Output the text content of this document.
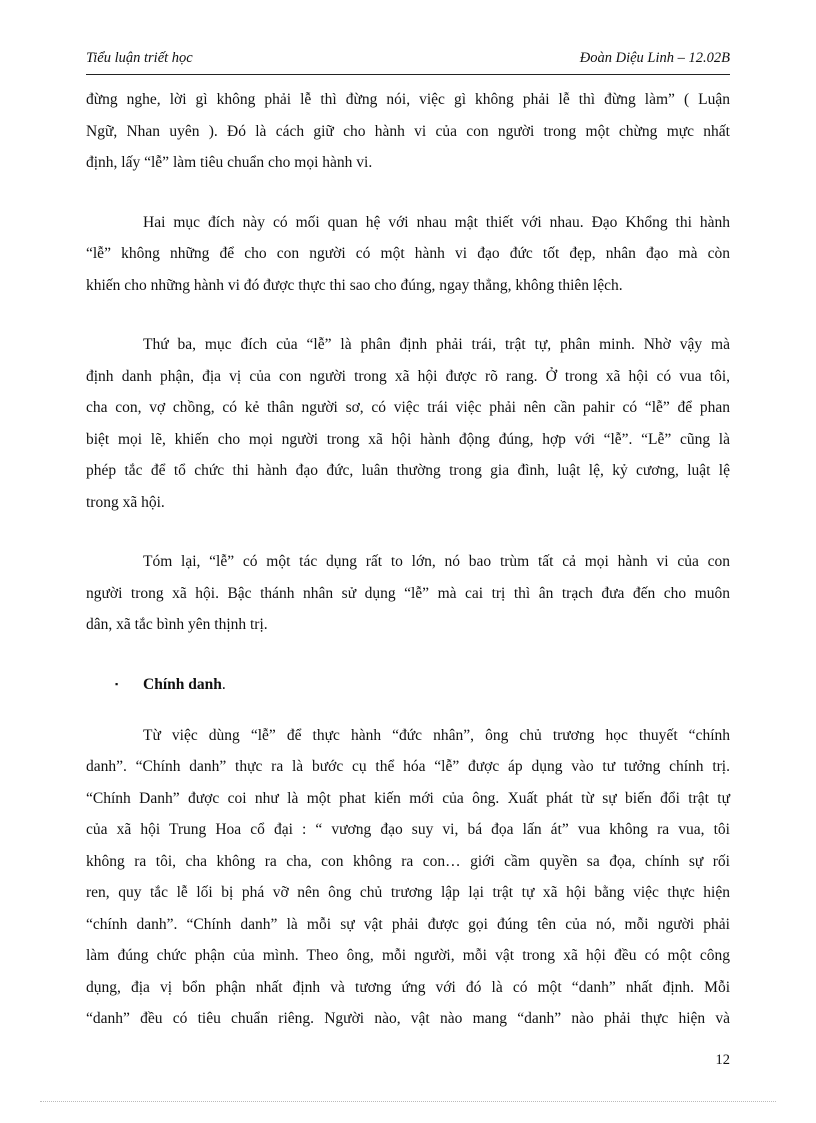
Tiểu luận triết học	Đoàn Diệu Linh – 12.02B

đừng nghe, lời gì không phải lễ thì đừng nói, việc gì không phải lễ thì đừng làm” ( Luận
Ngữ, Nhan uyên ). Đó là cách giữ cho hành vi của con người trong một chừng mực nhất
định, lấy “lễ” làm tiêu chuẩn cho mọi hành vi.

Hai mục đích này có mối quan hệ với nhau mật thiết với nhau. Đạo Khổng thi hành
“lễ” không những để cho con người có một hành vi đạo đức tốt đẹp, nhân đạo mà còn
khiến cho những hành vi đó được thực thi sao cho đúng, ngay thẳng, không thiên lệch.

Thứ ba, mục đích của “lễ” là phân định phải trái, trật tự, phân minh. Nhờ vậy mà
định danh phận, địa vị của con người trong xã hội được rõ rang. Ở trong xã hội có vua tôi,
cha con, vợ chồng, có kẻ thân người sơ, có việc trái việc phải nên cần pahir có “lễ” để phan
biệt mọi lẽ, khiến cho mọi người trong xã hội hành động đúng, hợp với “lễ”. “Lễ” cũng là
phép tắc để tổ chức thi hành đạo đức, luân thường trong gia đình, luật lệ, kỷ cương, luật lệ
trong xã hội.

Tóm lại, “lễ” có một tác dụng rất to lớn, nó bao trùm tất cả mọi hành vi của con
người trong xã hội. Bậc thánh nhân sử dụng “lễ” mà cai trị thì ân trạch đưa đến cho muôn
dân, xã tắc bình yên thịnh trị.

▪ Chính danh.

Từ việc dùng “lễ” để thực hành “đức nhân”, ông chủ trương học thuyết “chính
danh”. “Chính danh” thực ra là bước cụ thể hóa “lễ” được áp dụng vào tư tưởng chính trị.
“Chính Danh” được coi như là một phat kiến mới của ông. Xuất phát từ sự biến đổi trật tự
của xã hội Trung Hoa cổ đại : “ vương đạo suy vi, bá đọa lấn át” vua không ra vua, tôi
không ra tôi, cha không ra cha, con không ra con… giới cầm quyền sa đọa, chính sự rối
ren, quy tắc lễ lối bị phá vỡ nên ông chủ trương lập lại trật tự xã hội bằng việc thực hiện
“chính danh”. “Chính danh” là mỗi sự vật phải được gọi đúng tên của nó, mỗi người phải
làm đúng chức phận của mình. Theo ông, mỗi người, mỗi vật trong xã hội đều có một công
dụng, địa vị bổn phận nhất định và tương ứng với đó là có một “danh” nhất định. Mỗi
“danh” đều có tiêu chuẩn riêng. Người nào, vật nào mang “danh” nào phải thực hiện và

12
